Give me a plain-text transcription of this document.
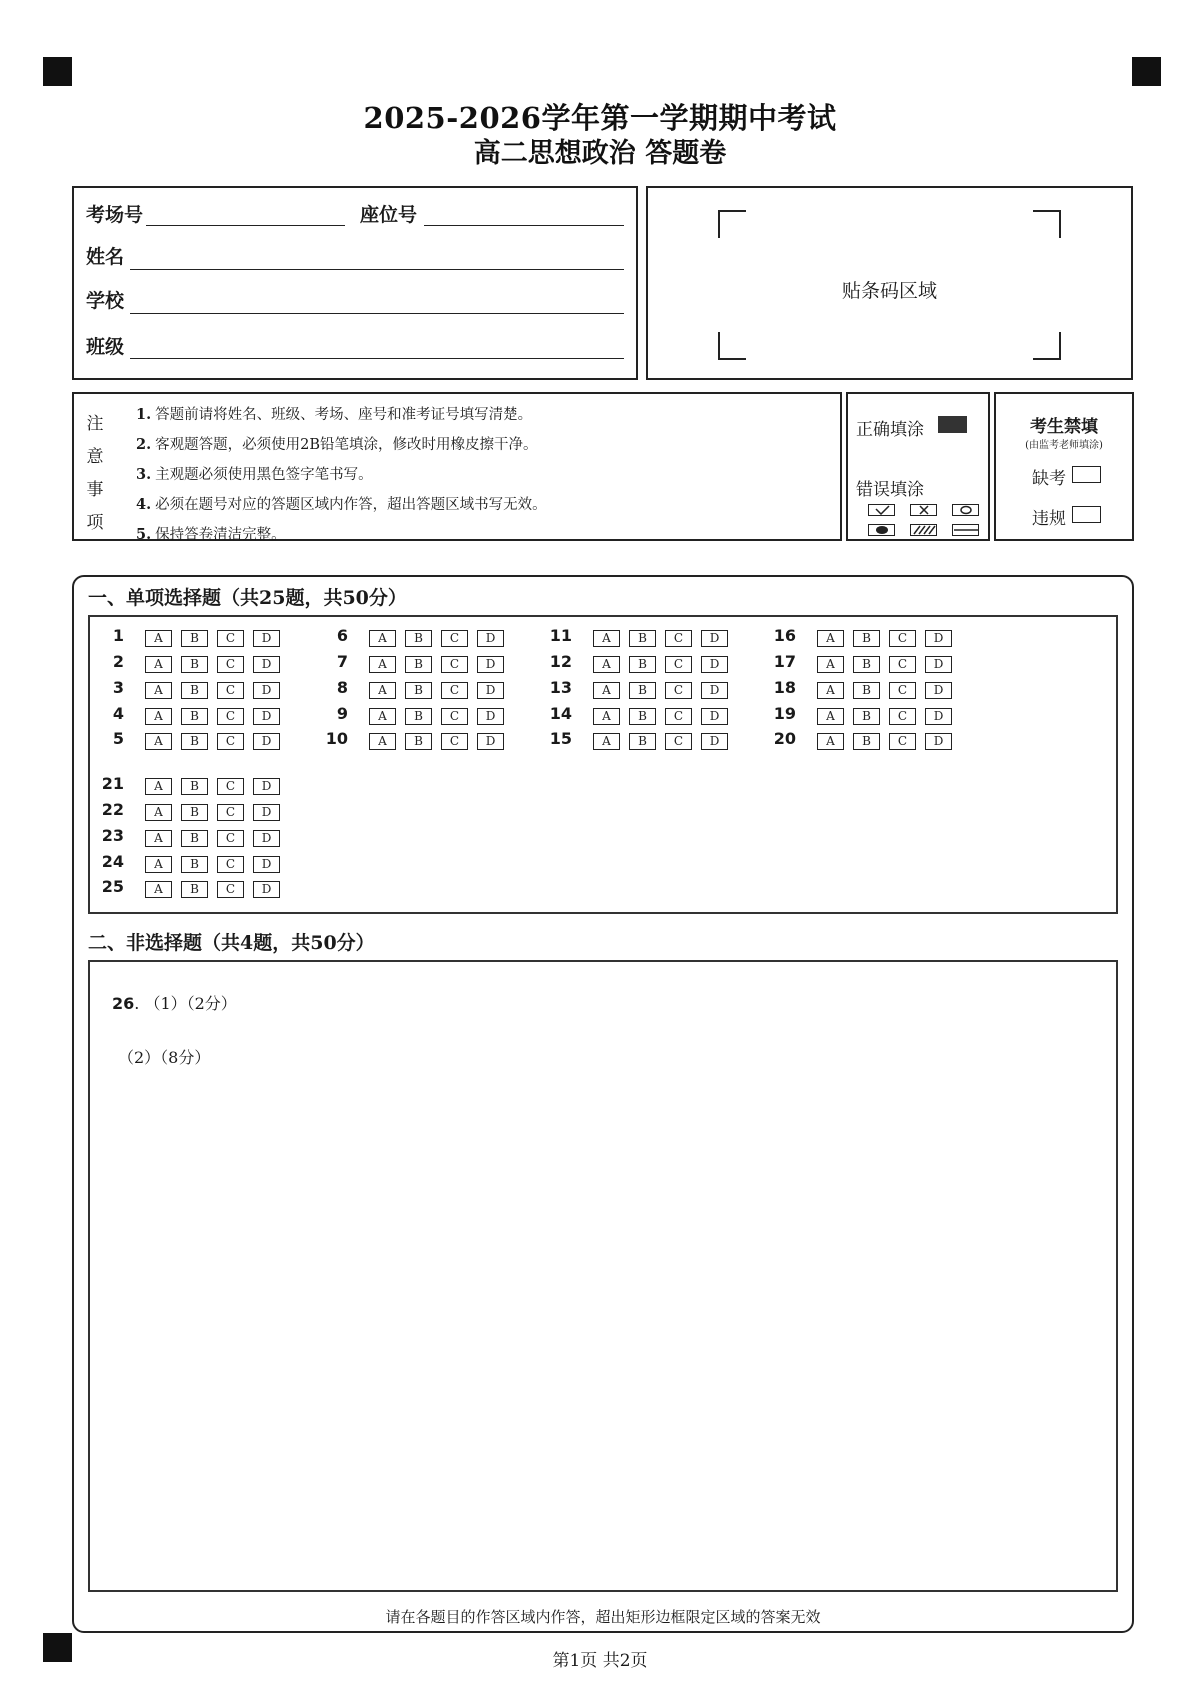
2025-2026学年第一学期期中考试
高二思想政治 答题卷
考场号	座位号
姓名
学校
班级
贴条码区域
注
意
事
项
1. 答题前请将姓名、班级、考场、座号和准考证号填写清楚。
2. 客观题答题，必须使用2B铅笔填涂，修改时用橡皮擦干净。
3. 主观题必须使用黑色签字笔书写。
4. 必须在题号对应的答题区域内作答，超出答题区域书写无效。
5. 保持答卷清洁完整。
正确填涂
错误填涂
考生禁填
(由监考老师填涂)
缺考
违规
一、单项选择题（共25题，共50分）
1	A	B	C	D
2	A	B	C	D
3	A	B	C	D
4	A	B	C	D
5	A	B	C	D
6	A	B	C	D
7	A	B	C	D
8	A	B	C	D
9	A	B	C	D
10	A	B	C	D
11	A	B	C	D
12	A	B	C	D
13	A	B	C	D
14	A	B	C	D
15	A	B	C	D
16	A	B	C	D
17	A	B	C	D
18	A	B	C	D
19	A	B	C	D
20	A	B	C	D
21	A	B	C	D
22	A	B	C	D
23	A	B	C	D
24	A	B	C	D
25	A	B	C	D
二、非选择题（共4题，共50分）
26. （1）（2分）
（2）（8分）
请在各题目的作答区域内作答，超出矩形边框限定区域的答案无效
第1页 共2页
